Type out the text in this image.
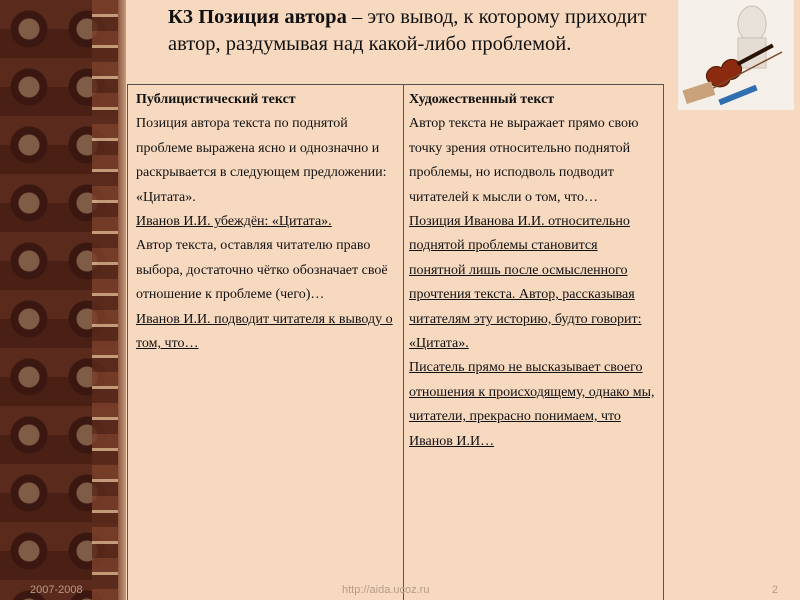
К3 Позиция автора – это вывод, к которому приходит
автор, раздумывая над какой-либо проблемой.
Публицистический текст
Позиция автора текста по поднятой проблеме выражена ясно и однозначно и раскрывается в следующем предложении: «Цитата».
Иванов И.И. убеждён: «Цитата».
Автор текста, оставляя читателю право выбора, достаточно чётко обозначает своё отношение к проблеме (чего)…
Иванов И.И. подводит читателя к выводу о том, что…
Художественный текст
Автор текста не выражает прямо свою точку зрения относительно поднятой проблемы, но исподволь подводит читателей к мысли о том, что…
Позиция Иванова И.И. относительно поднятой проблемы становится понятной лишь после осмысленного прочтения текста. Автор, рассказывая читателям эту историю, будто говорит: «Цитата».
Писатель прямо не высказывает своего отношения к происходящему, однако мы, читатели, прекрасно понимаем, что Иванов И.И…
2007-2008	http://aida.ucoz.ru	2
